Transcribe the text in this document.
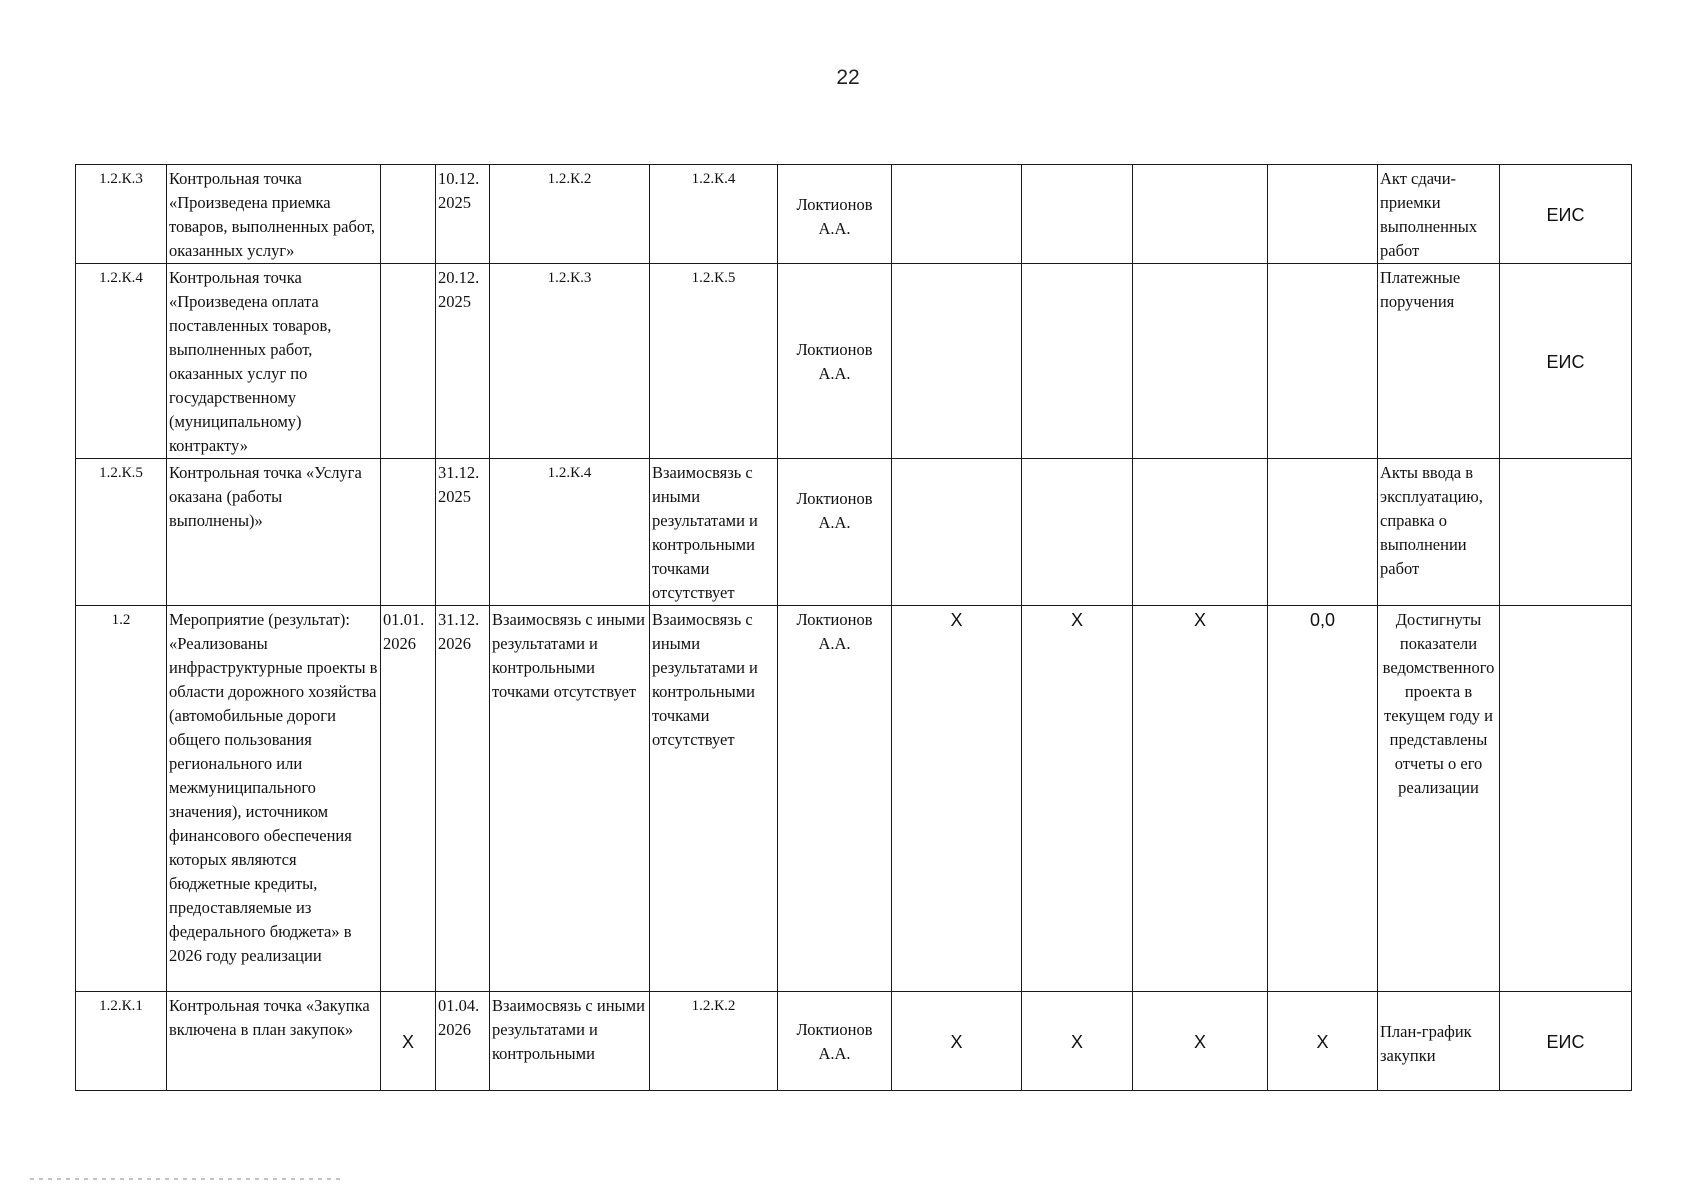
22
1.2.К.3	Контрольная точка «Произведена приемка товаров, выполненных работ, оказанных услуг»		10.12. 2025	1.2.К.2	1.2.К.4	Локтионов А.А.					Акт сдачи-приемки выполненных работ	ЕИС
1.2.К.4	Контрольная точка «Произведена оплата поставленных товаров, выполненных работ, оказанных услуг по государственному (муниципальному) контракту»		20.12. 2025	1.2.К.3	1.2.К.5	Локтионов А.А.					Платежные поручения	ЕИС
1.2.К.5	Контрольная точка «Услуга оказана (работы выполнены)»		31.12. 2025	1.2.К.4	Взаимосвязь с иными результатами и контрольными точками отсутствует	Локтионов А.А.					Акты ввода в эксплуатацию, справка о выполнении работ	
1.2	Мероприятие (результат): «Реализованы инфраструктурные проекты в области дорожного хозяйства (автомобильные дороги общего пользования регионального или межмуниципального значения), источником финансового обеспечения которых являются бюджетные кредиты, предоставляемые из федерального бюджета» в 2026 году реализации	01.01. 2026	31.12. 2026	Взаимосвязь с иными результатами и контрольными точками отсутствует	Взаимосвязь с иными результатами и контрольными точками отсутствует	Локтионов А.А.	X	X	X	0,0	Достигнуты показатели ведомственного проекта в текущем году и представлены отчеты о его реализации	
1.2.К.1	Контрольная точка «Закупка включена в план закупок»	X	01.04. 2026	Взаимосвязь с иными результатами и контрольными	1.2.К.2	Локтионов А.А.	X	X	X	X	План-график закупки	ЕИС
